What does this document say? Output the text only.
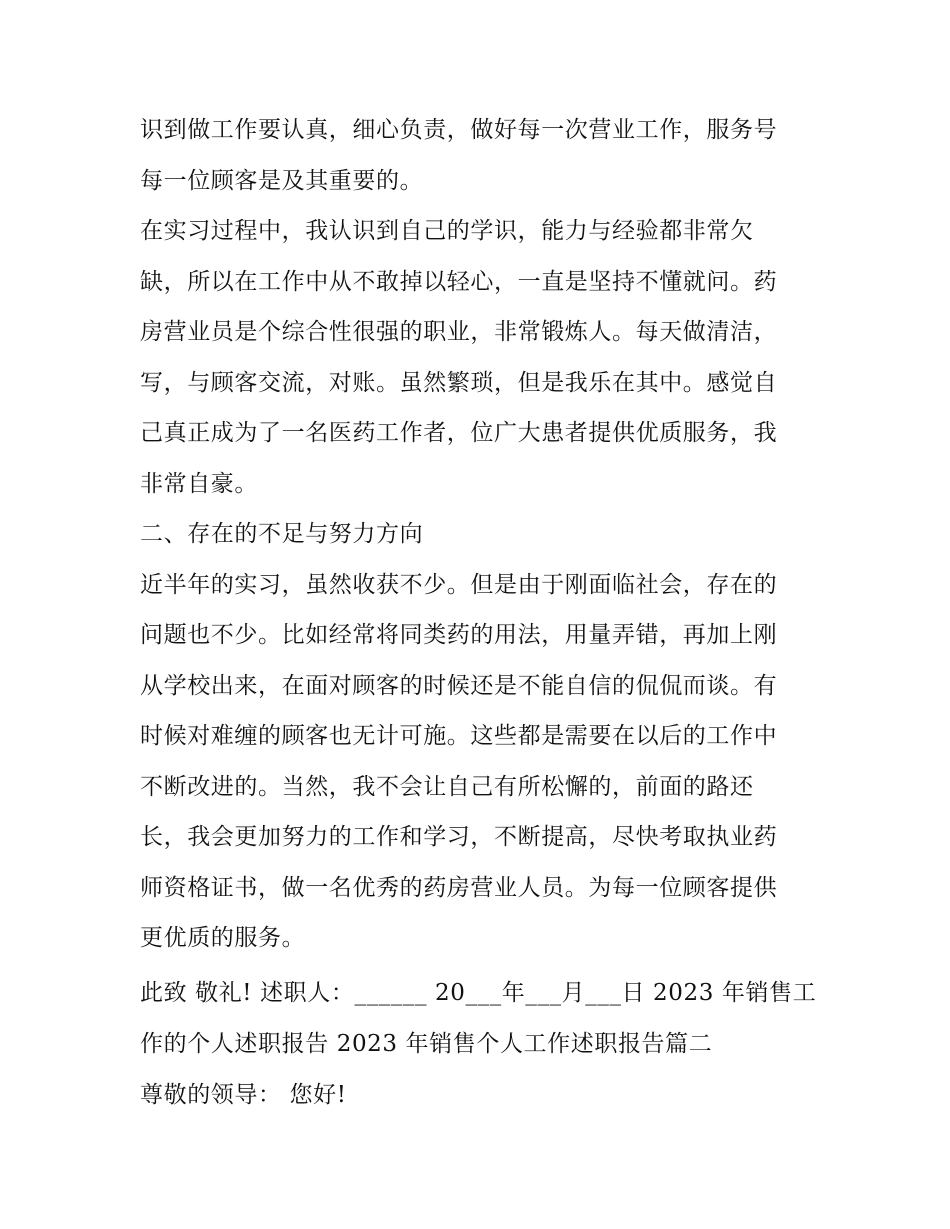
识到做工作要认真，细心负责，做好每一次营业工作，服务号
每一位顾客是及其重要的。
在实习过程中，我认识到自己的学识，能力与经验都非常欠
缺，所以在工作中从不敢掉以轻心，一直是坚持不懂就问。药
房营业员是个综合性很强的职业，非常锻炼人。每天做清洁，
写，与顾客交流，对账。虽然繁琐，但是我乐在其中。感觉自
己真正成为了一名医药工作者，位广大患者提供优质服务，我
非常自豪。
二、存在的不足与努力方向
近半年的实习，虽然收获不少。但是由于刚面临社会，存在的
问题也不少。比如经常将同类药的用法，用量弄错，再加上刚
从学校出来，在面对顾客的时候还是不能自信的侃侃而谈。有
时候对难缠的顾客也无计可施。这些都是需要在以后的工作中
不断改进的。当然，我不会让自己有所松懈的，前面的路还
长，我会更加努力的工作和学习，不断提高，尽快考取执业药
师资格证书，做一名优秀的药房营业人员。为每一位顾客提供
更优质的服务。
此致 敬礼! 述职人：______ 20___年___月___日 2023 年销售工
作的个人述职报告 2023 年销售个人工作述职报告篇二
尊敬的领导： 您好!
